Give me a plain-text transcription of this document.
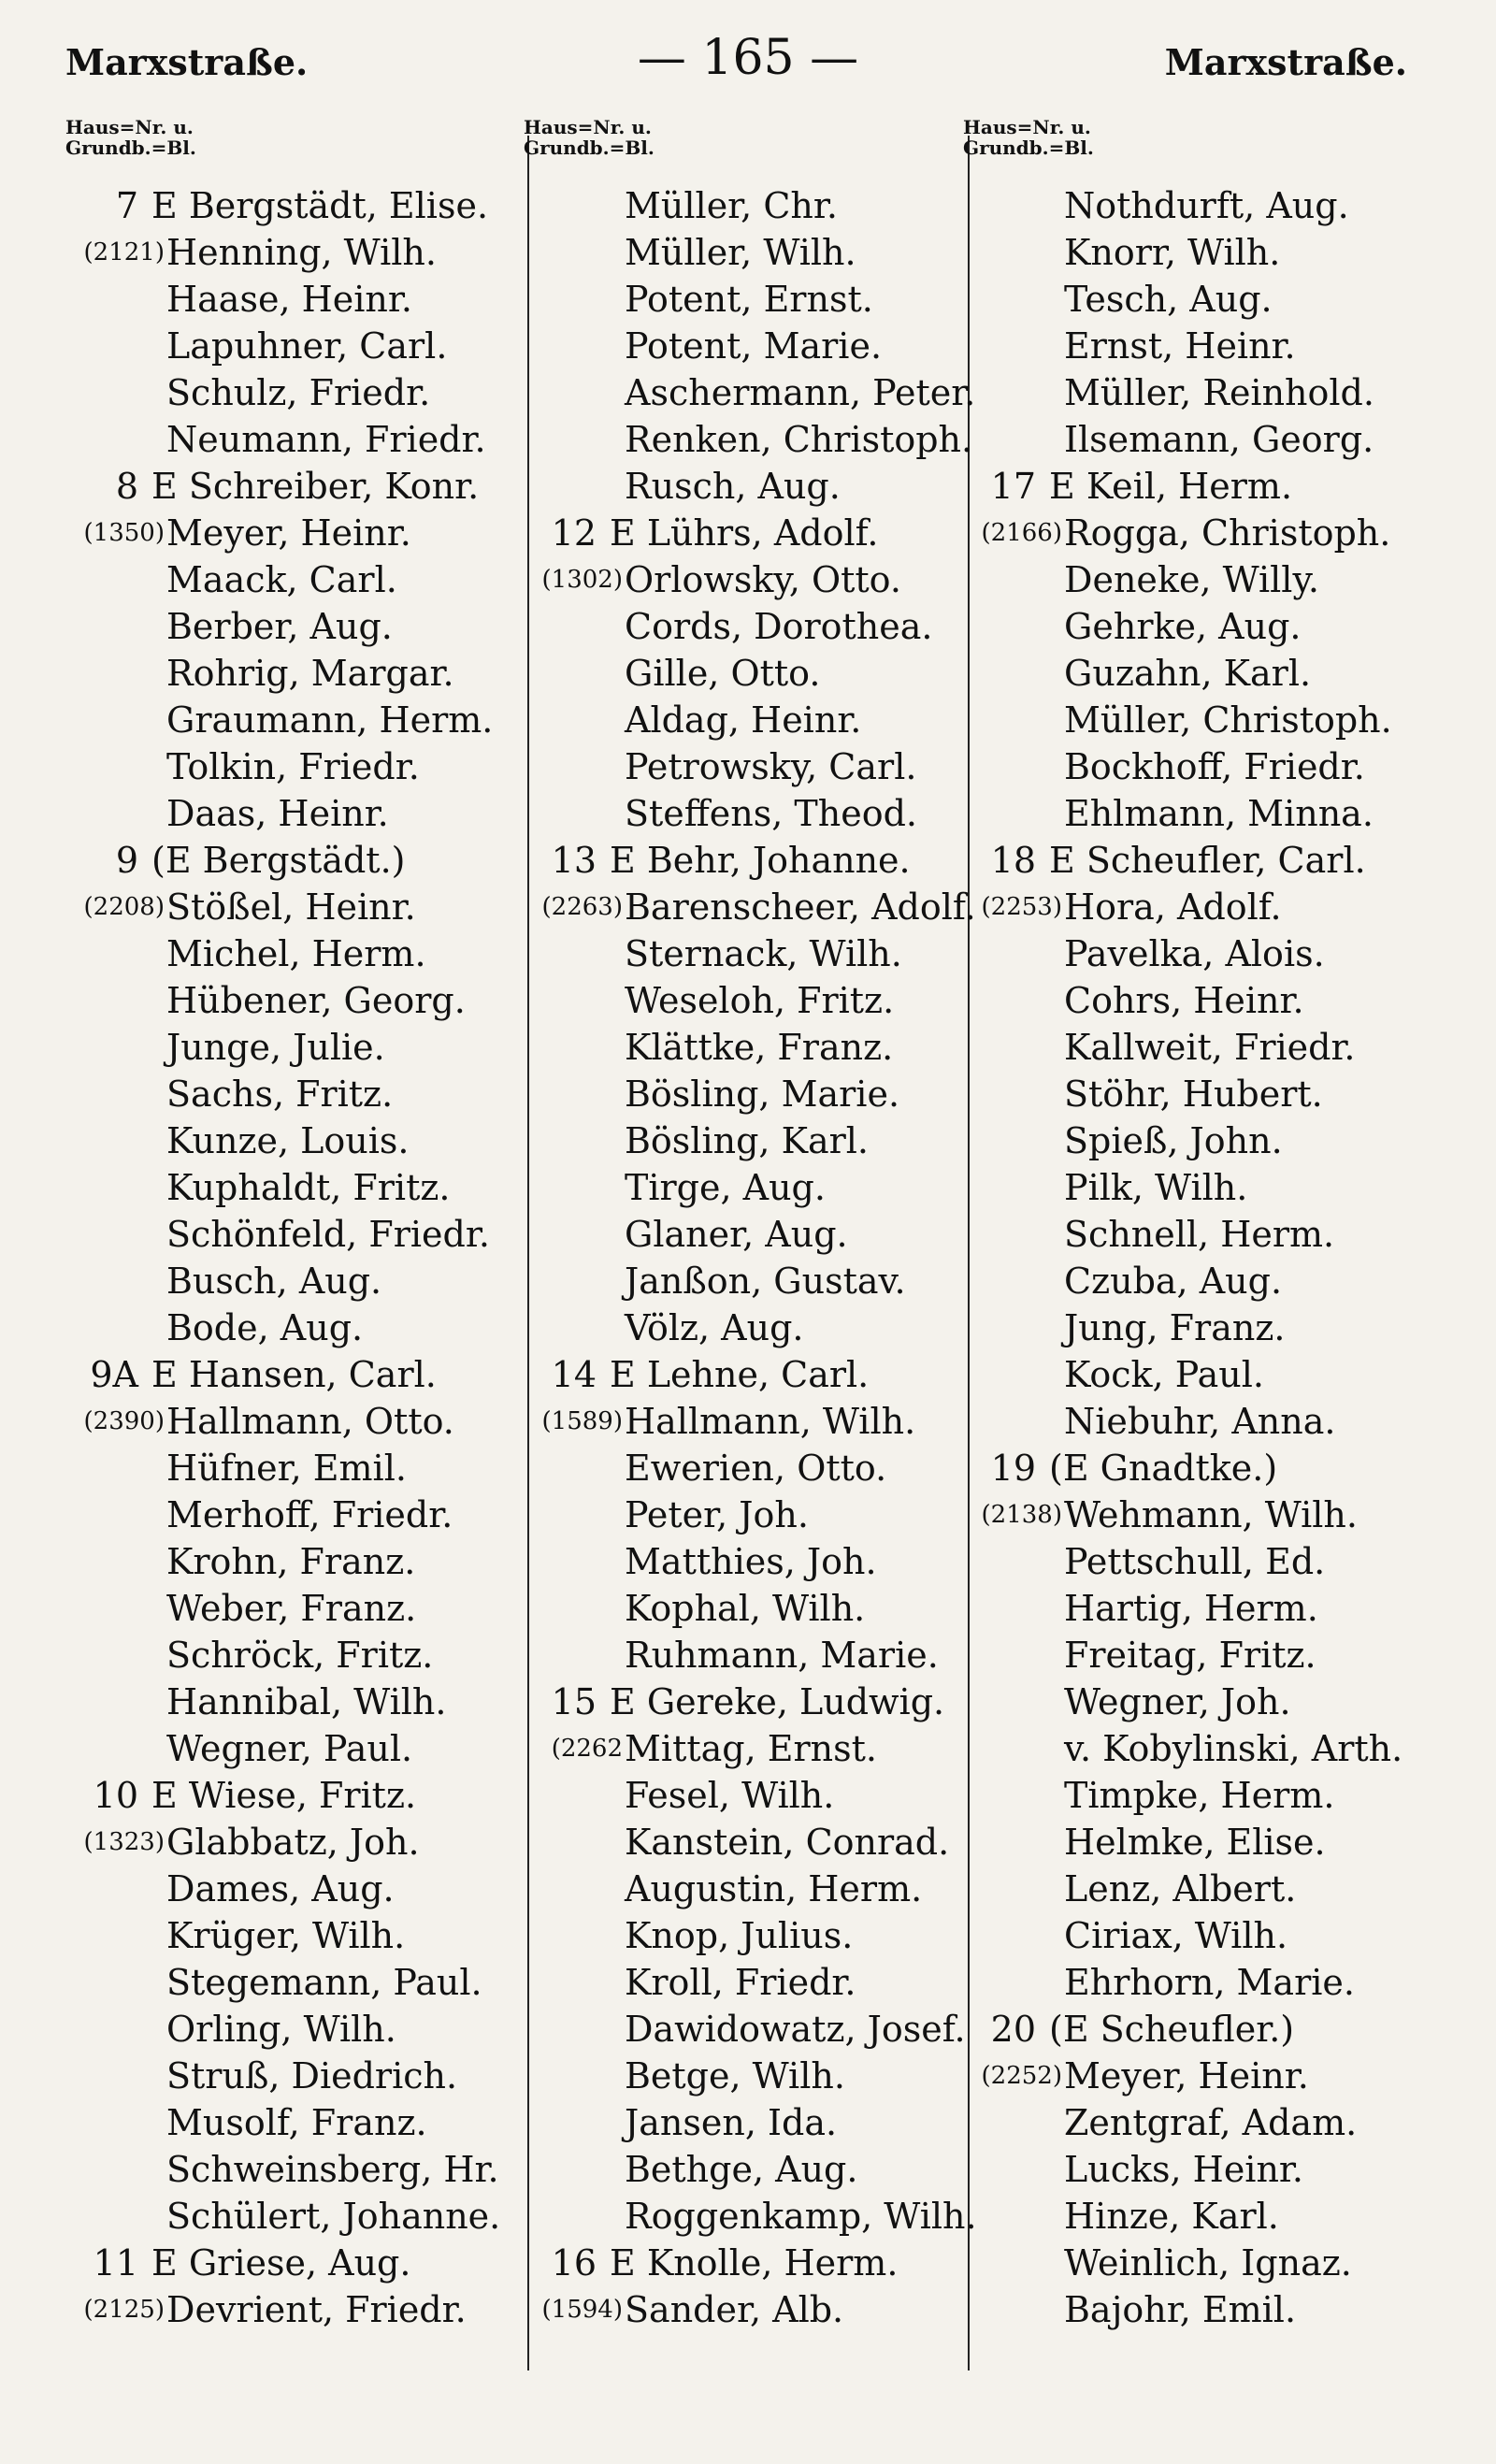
Marxstraße.	— 165 —	Marxstraße.
Haus=Nr. u.
Grundb.=Bl.
7 E Bergstädt, Elise.
(2121) Henning, Wilh.
Haase, Heinr.
Lapuhner, Carl.
Schulz, Friedr.
Neumann, Friedr.
8 E Schreiber, Konr.
(1350) Meyer, Heinr.
Maack, Carl.
Berber, Aug.
Rohrig, Margar.
Graumann, Herm.
Tolkin, Friedr.
Daas, Heinr.
9 (E Bergstädt.)
(2208) Stößel, Heinr.
Michel, Herm.
Hübener, Georg.
Junge, Julie.
Sachs, Fritz.
Kunze, Louis.
Kuphaldt, Fritz.
Schönfeld, Friedr.
Busch, Aug.
Bode, Aug.
9A E Hansen, Carl.
(2390) Hallmann, Otto.
Hüfner, Emil.
Merhoff, Friedr.
Krohn, Franz.
Weber, Franz.
Schröck, Fritz.
Hannibal, Wilh.
Wegner, Paul.
10 E Wiese, Fritz.
(1323) Glabbatz, Joh.
Dames, Aug.
Krüger, Wilh.
Stegemann, Paul.
Orling, Wilh.
Struß, Diedrich.
Musolf, Franz.
Schweinsberg, Hr.
Schülert, Johanne.
11 E Griese, Aug.
(2125) Devrient, Friedr.
Haus=Nr. u.
Grundb.=Bl.
Müller, Chr.
Müller, Wilh.
Potent, Ernst.
Potent, Marie.
Aschermann, Peter.
Renken, Christoph.
Rusch, Aug.
12 E Lührs, Adolf.
(1302) Orlowsky, Otto.
Cords, Dorothea.
Gille, Otto.
Aldag, Heinr.
Petrowsky, Carl.
Steffens, Theod.
13 E Behr, Johanne.
(2263) Barenscheer, Adolf.
Sternack, Wilh.
Weseloh, Fritz.
Klättke, Franz.
Bösling, Marie.
Bösling, Karl.
Tirge, Aug.
Glaner, Aug.
Janßon, Gustav.
Völz, Aug.
14 E Lehne, Carl.
(1589) Hallmann, Wilh.
Ewerien, Otto.
Peter, Joh.
Matthies, Joh.
Kophal, Wilh.
Ruhmann, Marie.
15 E Gereke, Ludwig.
(2262 Mittag, Ernst.
Fesel, Wilh.
Kanstein, Conrad.
Augustin, Herm.
Knop, Julius.
Kroll, Friedr.
Dawidowatz, Josef.
Betge, Wilh.
Jansen, Ida.
Bethge, Aug.
Roggenkamp, Wilh.
16 E Knolle, Herm.
(1594) Sander, Alb.
Haus=Nr. u.
Grundb.=Bl.
Nothdurft, Aug.
Knorr, Wilh.
Tesch, Aug.
Ernst, Heinr.
Müller, Reinhold.
Ilsemann, Georg.
17 E Keil, Herm.
(2166) Rogga, Christoph.
Deneke, Willy.
Gehrke, Aug.
Guzahn, Karl.
Müller, Christoph.
Bockhoff, Friedr.
Ehlmann, Minna.
18 E Scheufler, Carl.
(2253) Hora, Adolf.
Pavelka, Alois.
Cohrs, Heinr.
Kallweit, Friedr.
Stöhr, Hubert.
Spieß, John.
Pilk, Wilh.
Schnell, Herm.
Czuba, Aug.
Jung, Franz.
Kock, Paul.
Niebuhr, Anna.
19 (E Gnadtke.)
(2138) Wehmann, Wilh.
Pettschull, Ed.
Hartig, Herm.
Freitag, Fritz.
Wegner, Joh.
v. Kobylinski, Arth.
Timpke, Herm.
Helmke, Elise.
Lenz, Albert.
Ciriax, Wilh.
Ehrhorn, Marie.
20 (E Scheufler.)
(2252) Meyer, Heinr.
Zentgraf, Adam.
Lucks, Heinr.
Hinze, Karl.
Weinlich, Ignaz.
Bajohr, Emil.
